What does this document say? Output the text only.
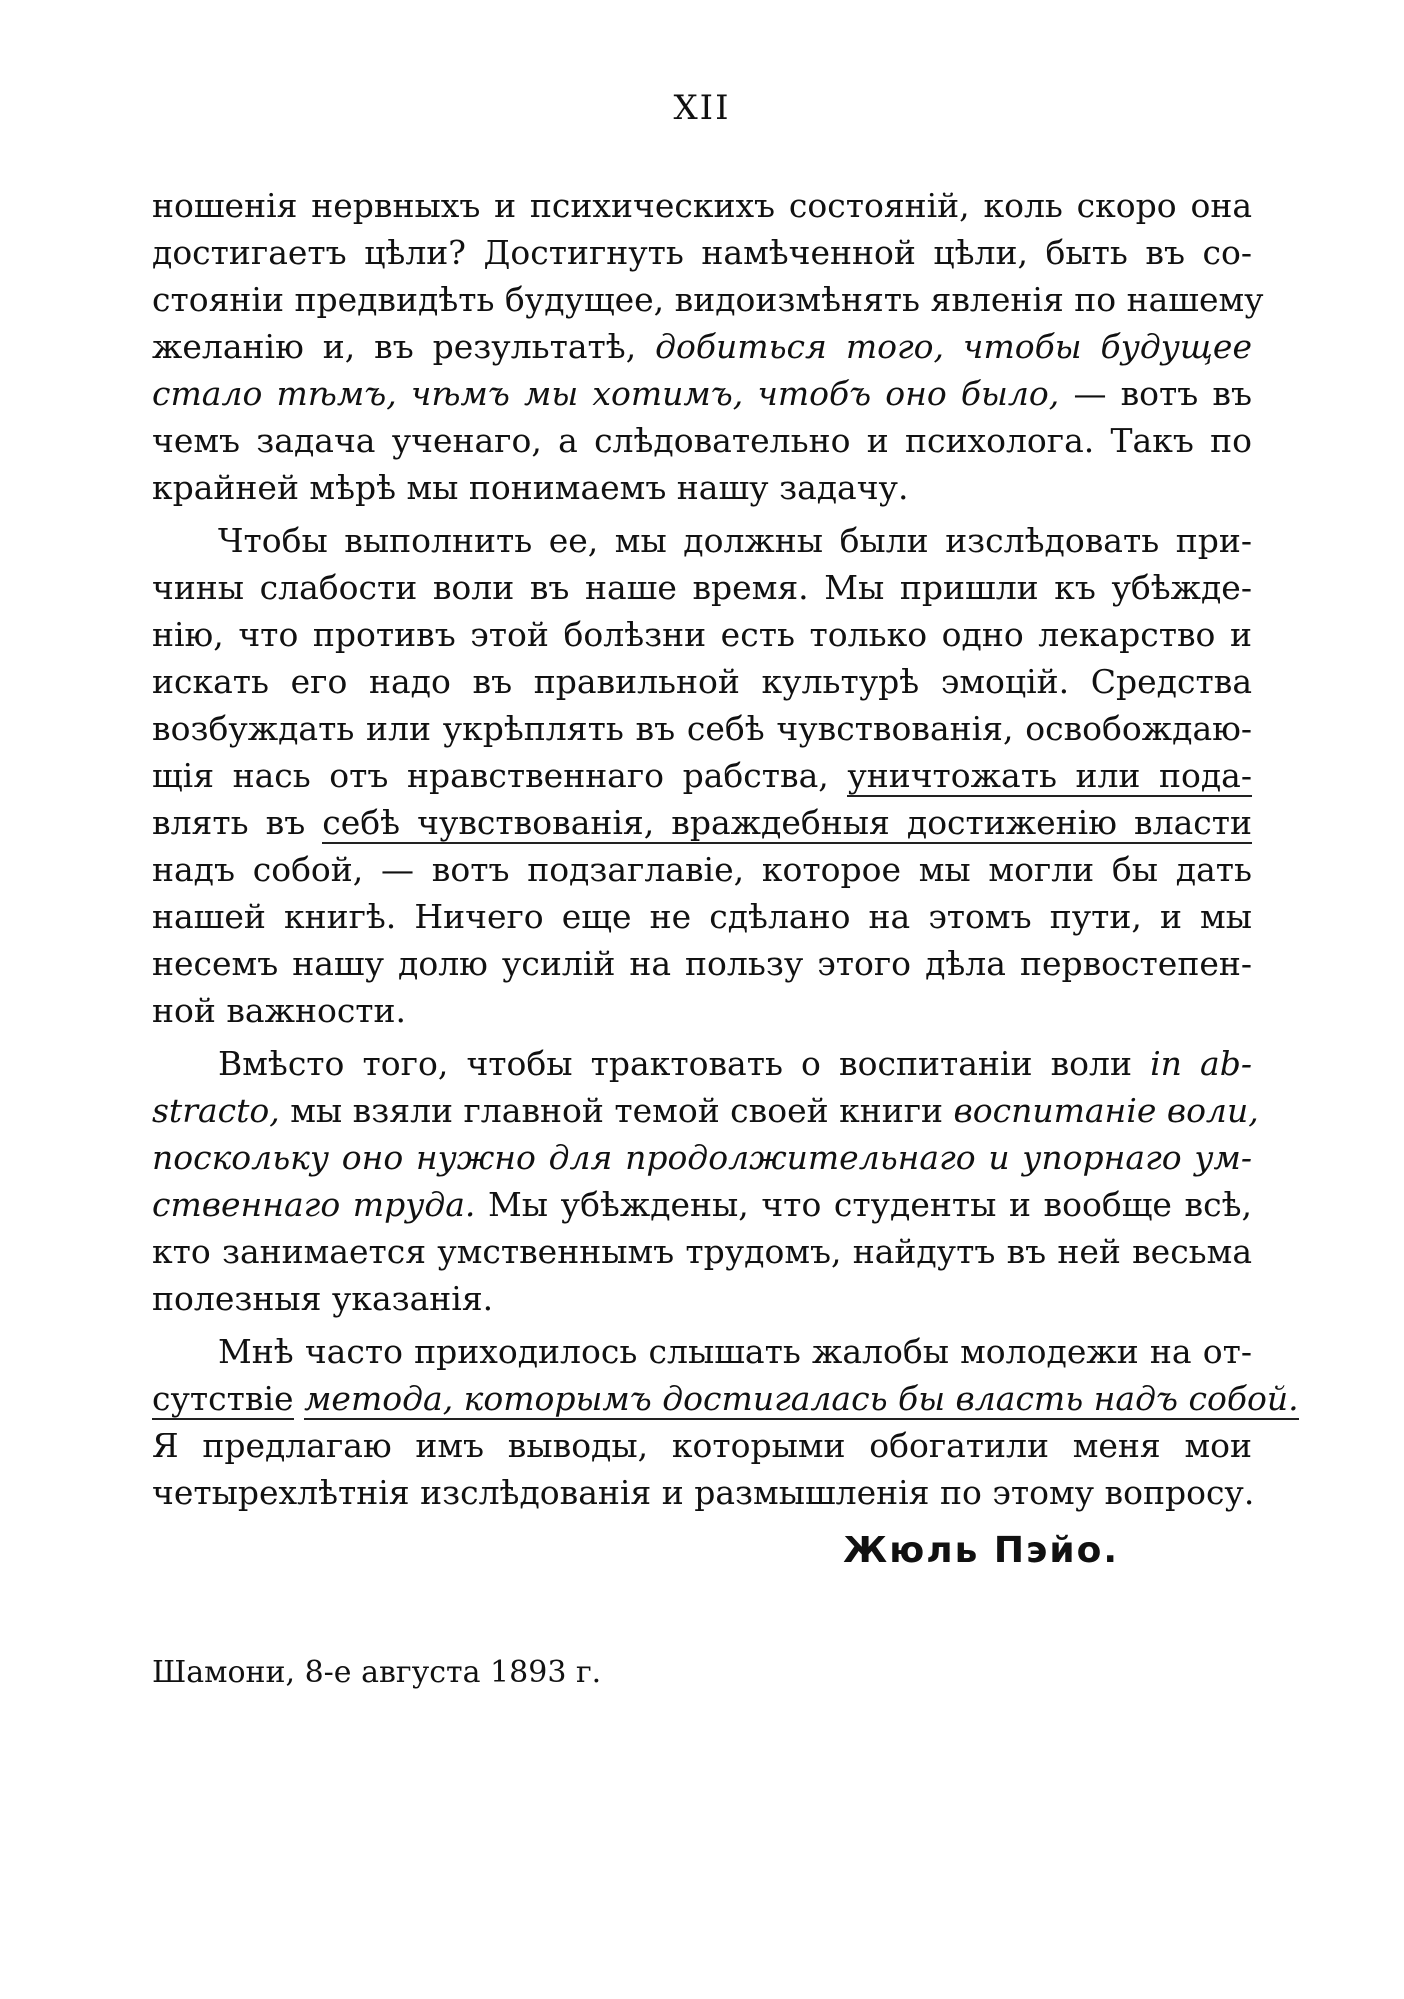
XII
ношенія нервныхъ и психическихъ состояній, коль скоро она
достигаетъ цѣли? Достигнуть намѣченной цѣли, быть въ со-
стояніи предвидѣть будущее, видоизмѣнять явленія по нашему
желанію и, въ результатѣ, добиться того, чтобы будущее
стало тѣмъ, чѣмъ мы хотимъ, чтобъ оно было, — вотъ въ
чемъ задача ученаго, а слѣдовательно и психолога. Такъ по
крайней мѣрѣ мы понимаемъ нашу задачу.
Чтобы выполнить ее, мы должны были изслѣдовать при-
чины слабости воли въ наше время. Мы пришли къ убѣжде-
нію, что противъ этой болѣзни есть только одно лекарство и
искать его надо въ правильной культурѣ эмоцій. Средства
возбуждать или укрѣплять въ себѣ чувствованія, освобождаю-
щія нась отъ нравственнаго рабства, уничтожать или пода-
влять въ себѣ чувствованія, враждебныя достиженію власти
надъ собой, — вотъ подзаглавіе, которое мы могли бы дать
нашей книгѣ. Ничего еще не сдѣлано на этомъ пути, и мы
несемъ нашу долю усилій на пользу этого дѣла первостепен-
ной важности.
Вмѣсто того, чтобы трактовать о воспитаніи воли in ab-
stracto, мы взяли главной темой своей книги воспитаніе воли,
поскольку оно нужно для продолжительнаго и упорнаго ум-
ственнаго труда. Мы убѣждены, что студенты и вообще всѣ,
кто занимается умственнымъ трудомъ, найдутъ въ ней весьма
полезныя указанія.
Мнѣ часто приходилось слышать жалобы молодежи на от-
сутствіе метода, которымъ достигалась бы власть надъ собой.
Я предлагаю имъ выводы, которыми обогатили меня мои
четырехлѣтнія изслѣдованія и размышленія по этому вопросу.
Жюль Пэйо.
Шамони, 8-е августа 1893 г.
